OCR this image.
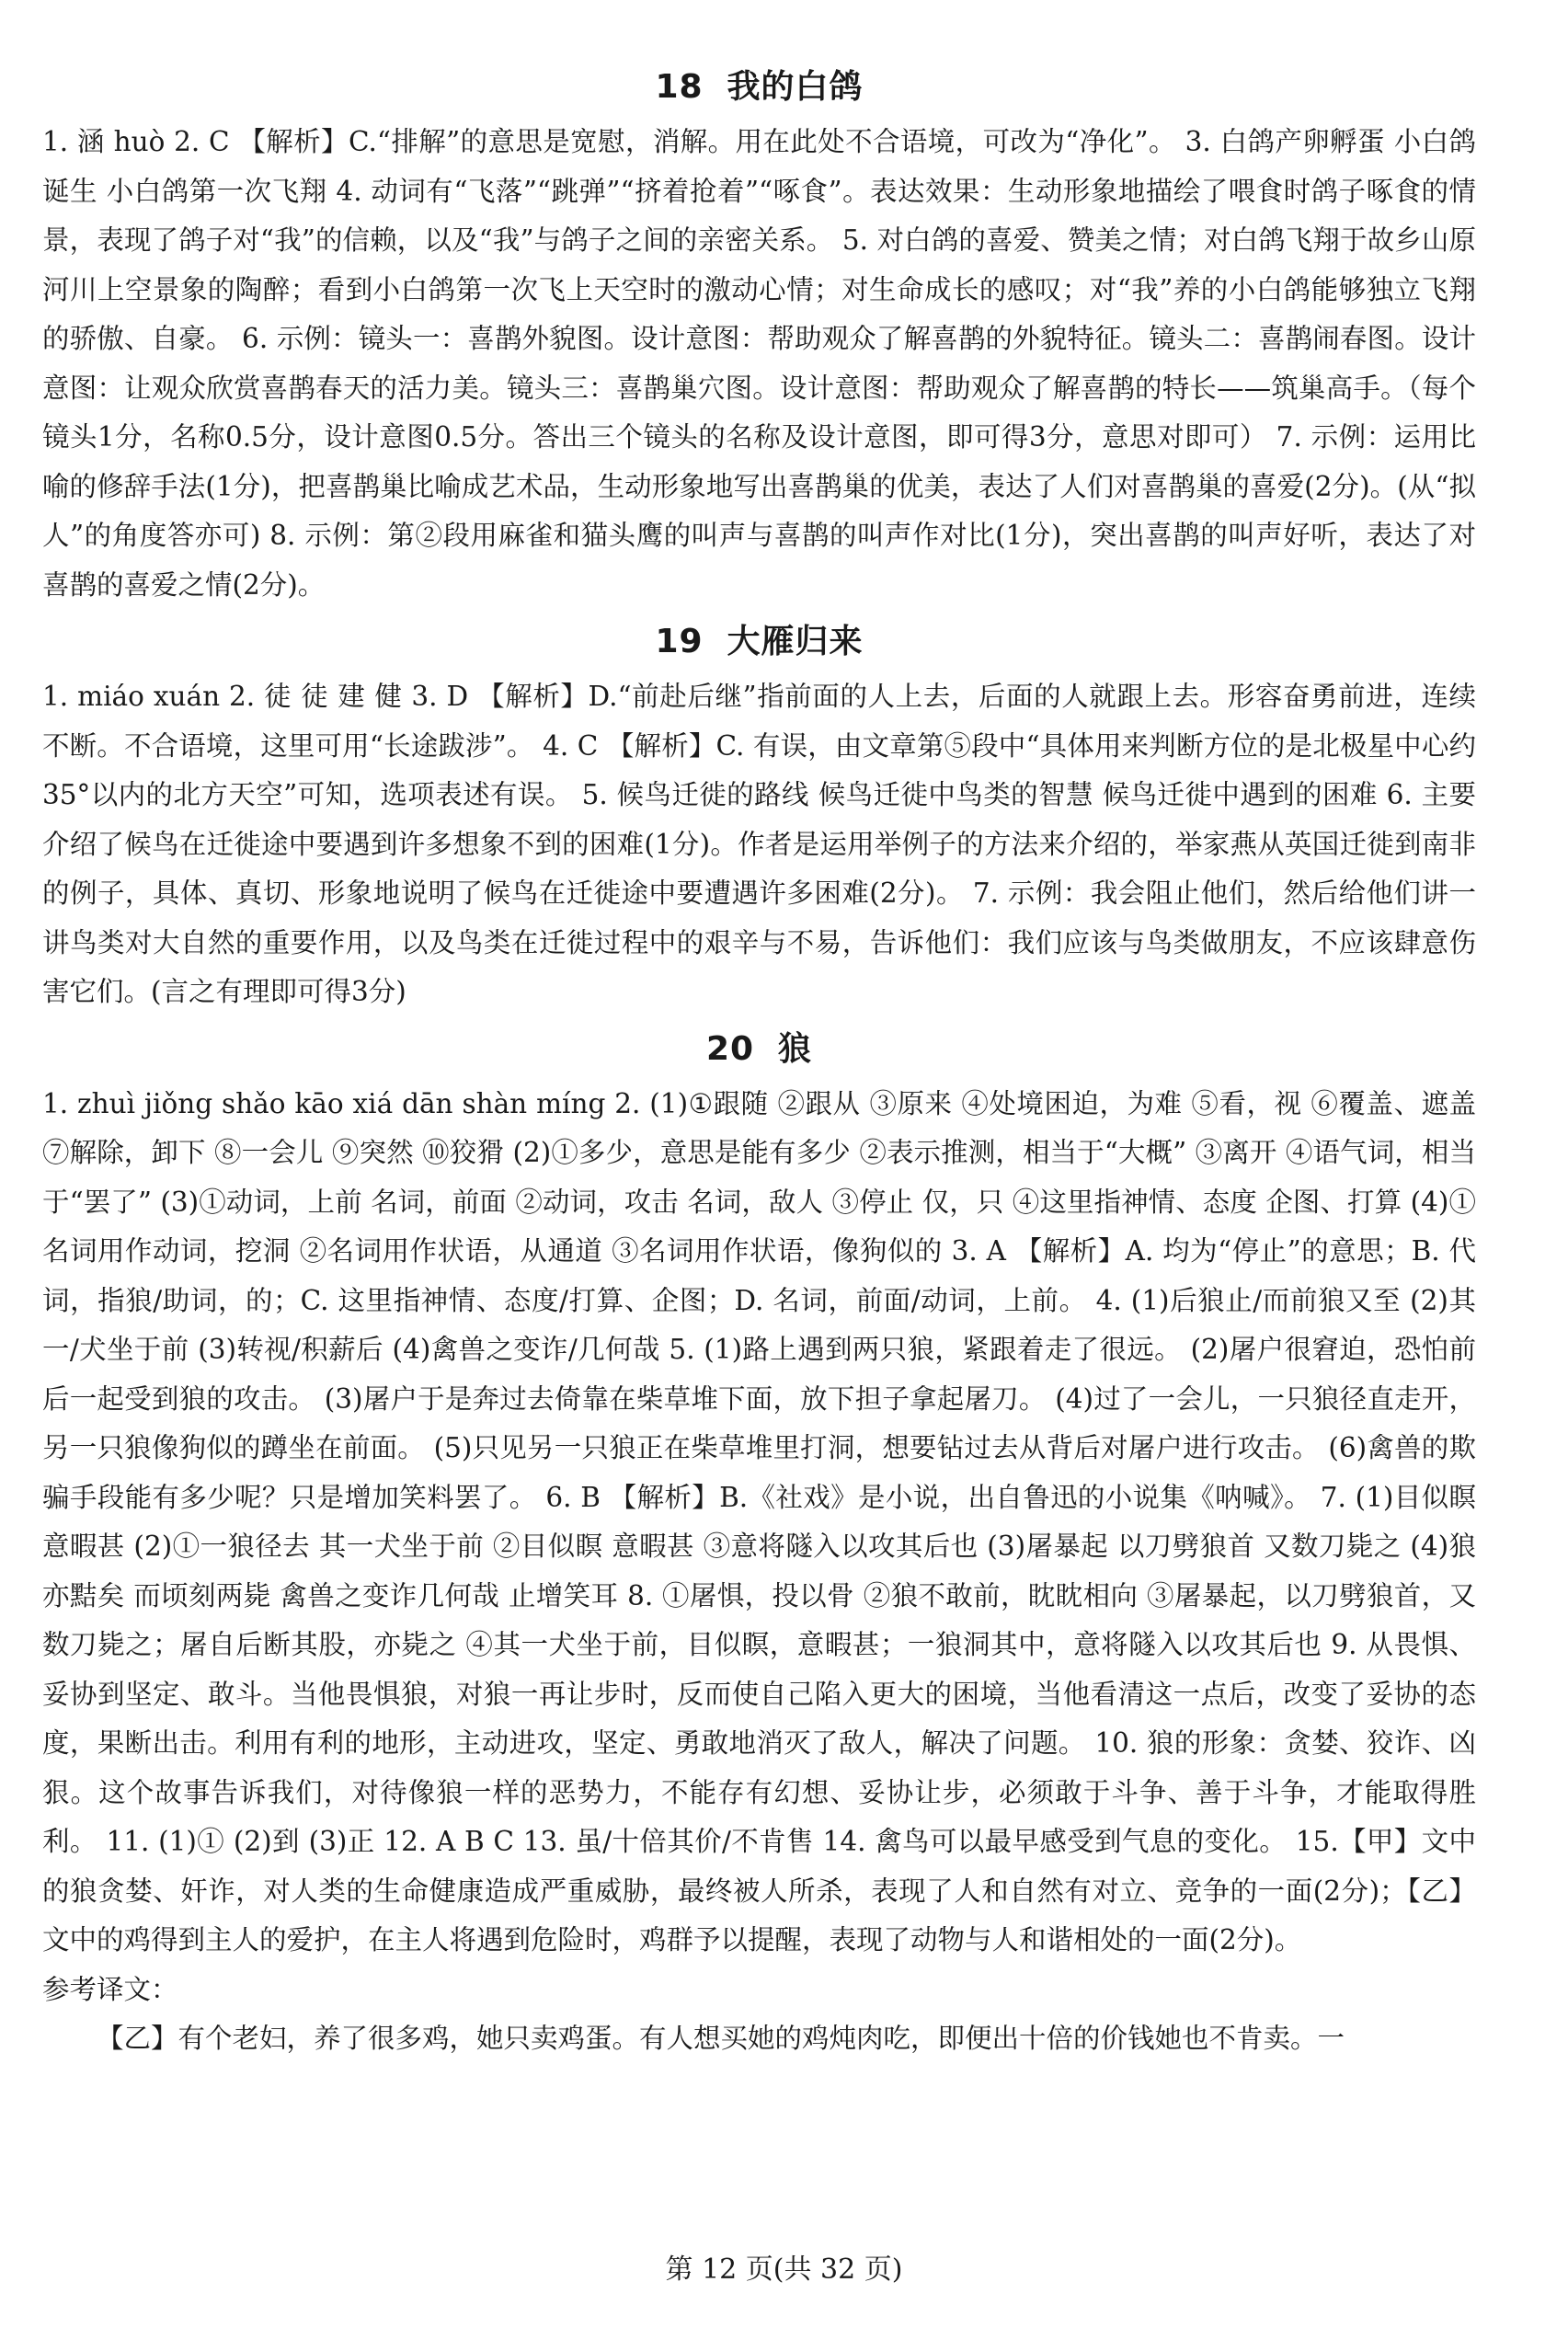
18 我的白鸽

1. 涵 huò 2. C 【解析】C.“排解”的意思是宽慰，消解。用在此处不合语境，可改为“净化”。 3. 白鸽产卵孵蛋 小白鸽诞生 小白鸽第一次飞翔 4. 动词有“飞落”“跳弹”“挤着抢着”“啄食”。表达效果：生动形象地描绘了喂食时鸽子啄食的情景，表现了鸽子对“我”的信赖，以及“我”与鸽子之间的亲密关系。 5. 对白鸽的喜爱、赞美之情；对白鸽飞翔于故乡山原河川上空景象的陶醉；看到小白鸽第一次飞上天空时的激动心情；对生命成长的感叹；对“我”养的小白鸽能够独立飞翔的骄傲、自豪。 6. 示例：镜头一：喜鹊外貌图。设计意图：帮助观众了解喜鹊的外貌特征。镜头二：喜鹊闹春图。设计意图：让观众欣赏喜鹊春天的活力美。镜头三：喜鹊巢穴图。设计意图：帮助观众了解喜鹊的特长——筑巢高手。（每个镜头1分，名称0.5分，设计意图0.5分。答出三个镜头的名称及设计意图，即可得3分，意思对即可） 7. 示例：运用比喻的修辞手法(1分)，把喜鹊巢比喻成艺术品，生动形象地写出喜鹊巢的优美，表达了人们对喜鹊巢的喜爱(2分)。(从“拟人”的角度答亦可) 8. 示例：第②段用麻雀和猫头鹰的叫声与喜鹊的叫声作对比(1分)，突出喜鹊的叫声好听，表达了对喜鹊的喜爱之情(2分)。

19 大雁归来

1. miáo xuán 2. 徒 徒 建 健 3. D 【解析】D.“前赴后继”指前面的人上去，后面的人就跟上去。形容奋勇前进，连续不断。不合语境，这里可用“长途跋涉”。 4. C 【解析】C. 有误，由文章第⑤段中“具体用来判断方位的是北极星中心约35°以内的北方天空”可知，选项表述有误。 5. 候鸟迁徙的路线 候鸟迁徙中鸟类的智慧 候鸟迁徙中遇到的困难 6. 主要介绍了候鸟在迁徙途中要遇到许多想象不到的困难(1分)。作者是运用举例子的方法来介绍的，举家燕从英国迁徙到南非的例子，具体、真切、形象地说明了候鸟在迁徙途中要遭遇许多困难(2分)。 7. 示例：我会阻止他们，然后给他们讲一讲鸟类对大自然的重要作用，以及鸟类在迁徙过程中的艰辛与不易，告诉他们：我们应该与鸟类做朋友，不应该肆意伤害它们。(言之有理即可得3分)

20 狼

1. zhuì jiǒng shǎo kāo xiá dān shàn míng 2. (1)①跟随 ②跟从 ③原来 ④处境困迫，为难 ⑤看，视 ⑥覆盖、遮盖 ⑦解除，卸下 ⑧一会儿 ⑨突然 ⑩狡猾 (2)①多少，意思是能有多少 ②表示推测，相当于“大概” ③离开 ④语气词，相当于“罢了” (3)①动词，上前 名词，前面 ②动词，攻击 名词，敌人 ③停止 仅，只 ④这里指神情、态度 企图、打算 (4)①名词用作动词，挖洞 ②名词用作状语，从通道 ③名词用作状语，像狗似的 3. A 【解析】A. 均为“停止”的意思；B. 代词，指狼/助词，的；C. 这里指神情、态度/打算、企图；D. 名词，前面/动词，上前。 4. (1)后狼止/而前狼又至 (2)其一/犬坐于前 (3)转视/积薪后 (4)禽兽之变诈/几何哉 5. (1)路上遇到两只狼，紧跟着走了很远。 (2)屠户很窘迫，恐怕前后一起受到狼的攻击。 (3)屠户于是奔过去倚靠在柴草堆下面，放下担子拿起屠刀。 (4)过了一会儿，一只狼径直走开，另一只狼像狗似的蹲坐在前面。 (5)只见另一只狼正在柴草堆里打洞，想要钻过去从背后对屠户进行攻击。 (6)禽兽的欺骗手段能有多少呢？只是增加笑料罢了。 6. B 【解析】B.《社戏》是小说，出自鲁迅的小说集《呐喊》。 7. (1)目似瞑 意暇甚 (2)①一狼径去 其一犬坐于前 ②目似瞑 意暇甚 ③意将隧入以攻其后也 (3)屠暴起 以刀劈狼首 又数刀毙之 (4)狼亦黠矣 而顷刻两毙 禽兽之变诈几何哉 止增笑耳 8. ①屠惧，投以骨 ②狼不敢前，眈眈相向 ③屠暴起，以刀劈狼首，又数刀毙之；屠自后断其股，亦毙之 ④其一犬坐于前，目似瞑，意暇甚；一狼洞其中，意将隧入以攻其后也 9. 从畏惧、妥协到坚定、敢斗。当他畏惧狼，对狼一再让步时，反而使自己陷入更大的困境，当他看清这一点后，改变了妥协的态度，果断出击。利用有利的地形，主动进攻，坚定、勇敢地消灭了敌人，解决了问题。 10. 狼的形象：贪婪、狡诈、凶狠。这个故事告诉我们，对待像狼一样的恶势力，不能存有幻想、妥协让步，必须敢于斗争、善于斗争，才能取得胜利。 11. (1)① (2)到 (3)正 12. A B C 13. 虽/十倍其价/不肯售 14. 禽鸟可以最早感受到气息的变化。 15.【甲】文中的狼贪婪、奸诈，对人类的生命健康造成严重威胁，最终被人所杀，表现了人和自然有对立、竞争的一面(2分)；【乙】文中的鸡得到主人的爱护，在主人将遇到危险时，鸡群予以提醒，表现了动物与人和谐相处的一面(2分)。

参考译文：

【乙】有个老妇，养了很多鸡，她只卖鸡蛋。有人想买她的鸡炖肉吃，即便出十倍的价钱她也不肯卖。一

第 12 页(共 32 页)
